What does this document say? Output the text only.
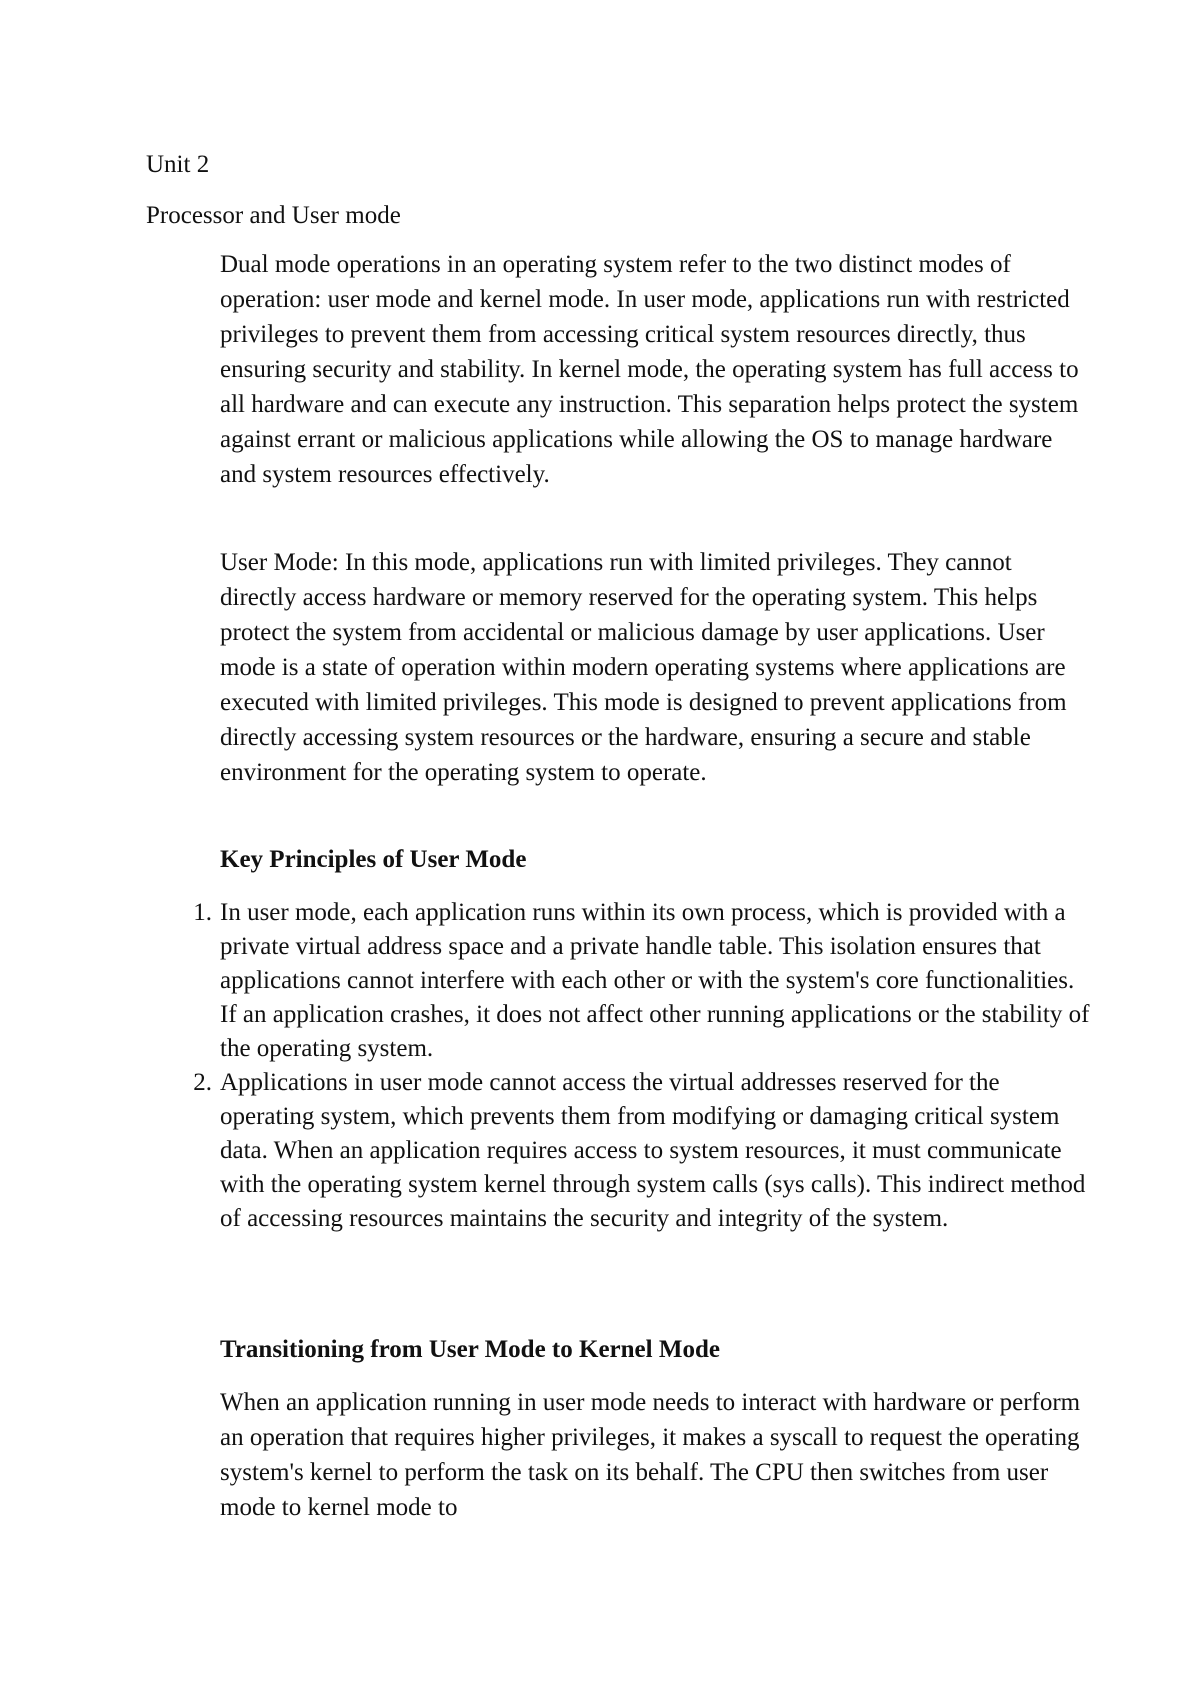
Unit 2
Processor and User mode
Dual mode operations in an operating system refer to the two distinct modes of operation: user mode and kernel mode. In user mode, applications run with restricted privileges to prevent them from accessing critical system resources directly, thus ensuring security and stability. In kernel mode, the operating system has full access to all hardware and can execute any instruction. This separation helps protect the system against errant or malicious applications while allowing the OS to manage hardware and system resources effectively.
User Mode: In this mode, applications run with limited privileges. They cannot directly access hardware or memory reserved for the operating system. This helps protect the system from accidental or malicious damage by user applications. User mode is a state of operation within modern operating systems where applications are executed with limited privileges. This mode is designed to prevent applications from directly accessing system resources or the hardware, ensuring a secure and stable environment for the operating system to operate.
Key Principles of User Mode
1. In user mode, each application runs within its own process, which is provided with a private virtual address space and a private handle table. This isolation ensures that applications cannot interfere with each other or with the system's core functionalities. If an application crashes, it does not affect other running applications or the stability of the operating system.
2. Applications in user mode cannot access the virtual addresses reserved for the operating system, which prevents them from modifying or damaging critical system data. When an application requires access to system resources, it must communicate with the operating system kernel through system calls (sys calls). This indirect method of accessing resources maintains the security and integrity of the system.
Transitioning from User Mode to Kernel Mode
When an application running in user mode needs to interact with hardware or perform an operation that requires higher privileges, it makes a syscall to request the operating system's kernel to perform the task on its behalf. The CPU then switches from user mode to kernel mode to
